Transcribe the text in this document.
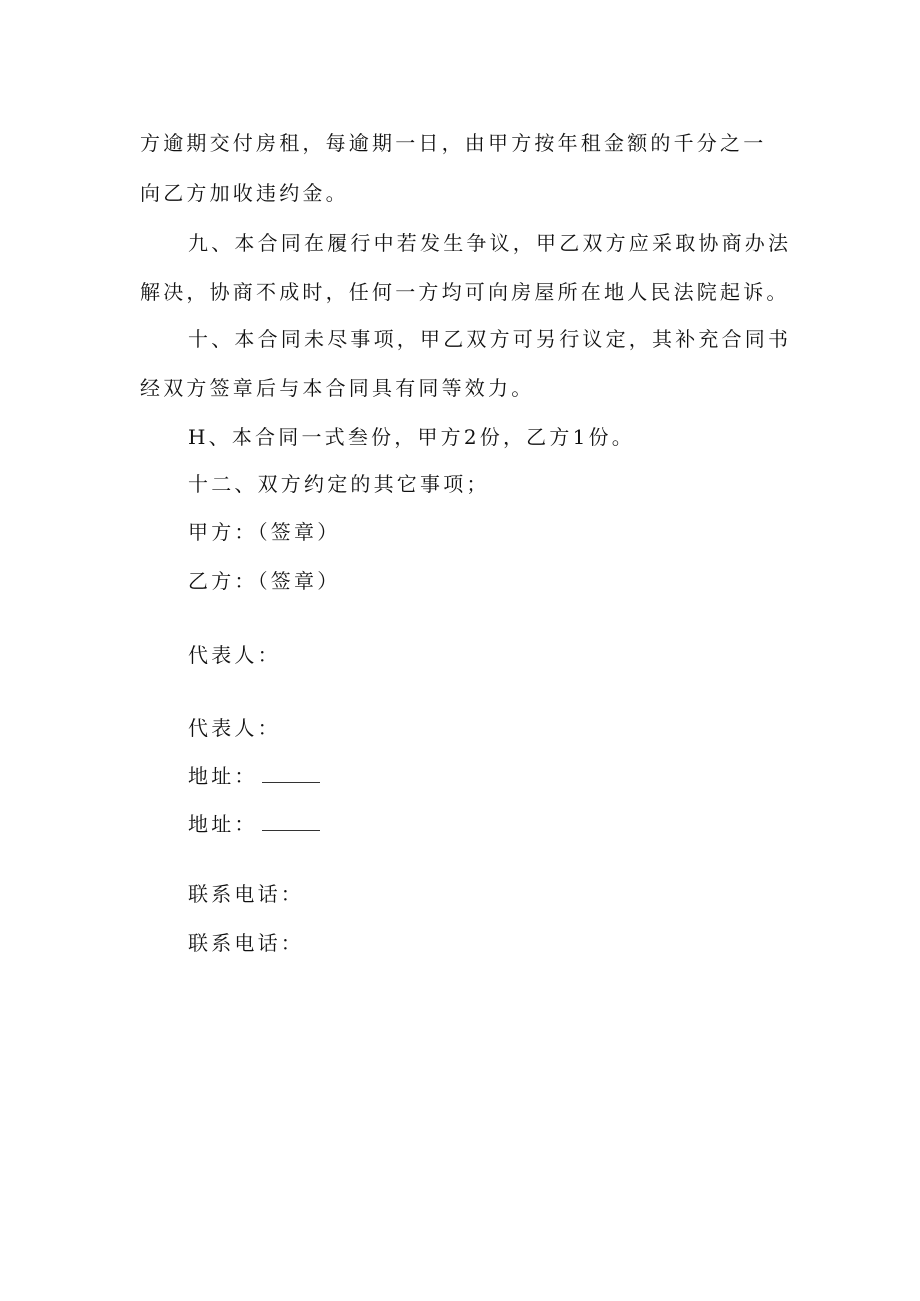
方逾期交付房租，每逾期一日，由甲方按年租金额的千分之一
向乙方加收违约金。
九、本合同在履行中若发生争议，甲乙双方应采取协商办法
解决，协商不成时，任何一方均可向房屋所在地人民法院起诉。
十、本合同未尽事项，甲乙双方可另行议定，其补充合同书
经双方签章后与本合同具有同等效力。
H、本合同一式叁份，甲方2份，乙方1份。
十二、双方约定的其它事项；
甲方：（签章）
乙方：（签章）
代表人：
代表人：
地址：
地址：
联系电话：
联系电话：
